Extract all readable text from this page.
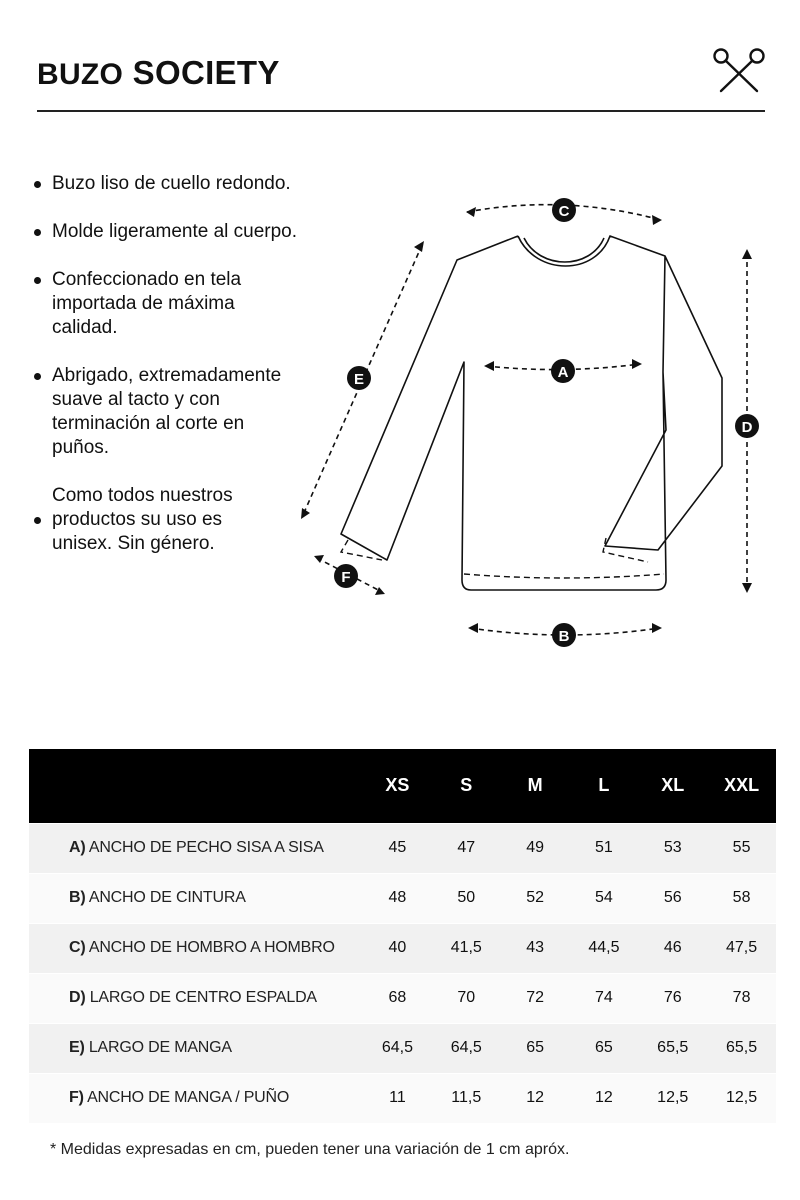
BUZO SOCIETY
Buzo liso de cuello redondo.
Molde ligeramente al cuerpo.
Confeccionado en tela importada de máxima calidad.
Abrigado, extremadamente suave al tacto y con terminación al corte en puños.
Como todos nuestros productos su uso es unisex. Sin género.
C
A
E
D
F
B
	XS	S	M	L	XL	XXL
A) ANCHO DE PECHO SISA A SISA	45	47	49	51	53	55
B) ANCHO DE CINTURA	48	50	52	54	56	58
C) ANCHO DE HOMBRO A HOMBRO	40	41,5	43	44,5	46	47,5
D) LARGO DE CENTRO ESPALDA	68	70	72	74	76	78
E) LARGO DE MANGA	64,5	64,5	65	65	65,5	65,5
F) ANCHO DE MANGA / PUÑO	11	11,5	12	12	12,5	12,5
* Medidas expresadas en cm, pueden tener una variación de 1 cm apróx.
